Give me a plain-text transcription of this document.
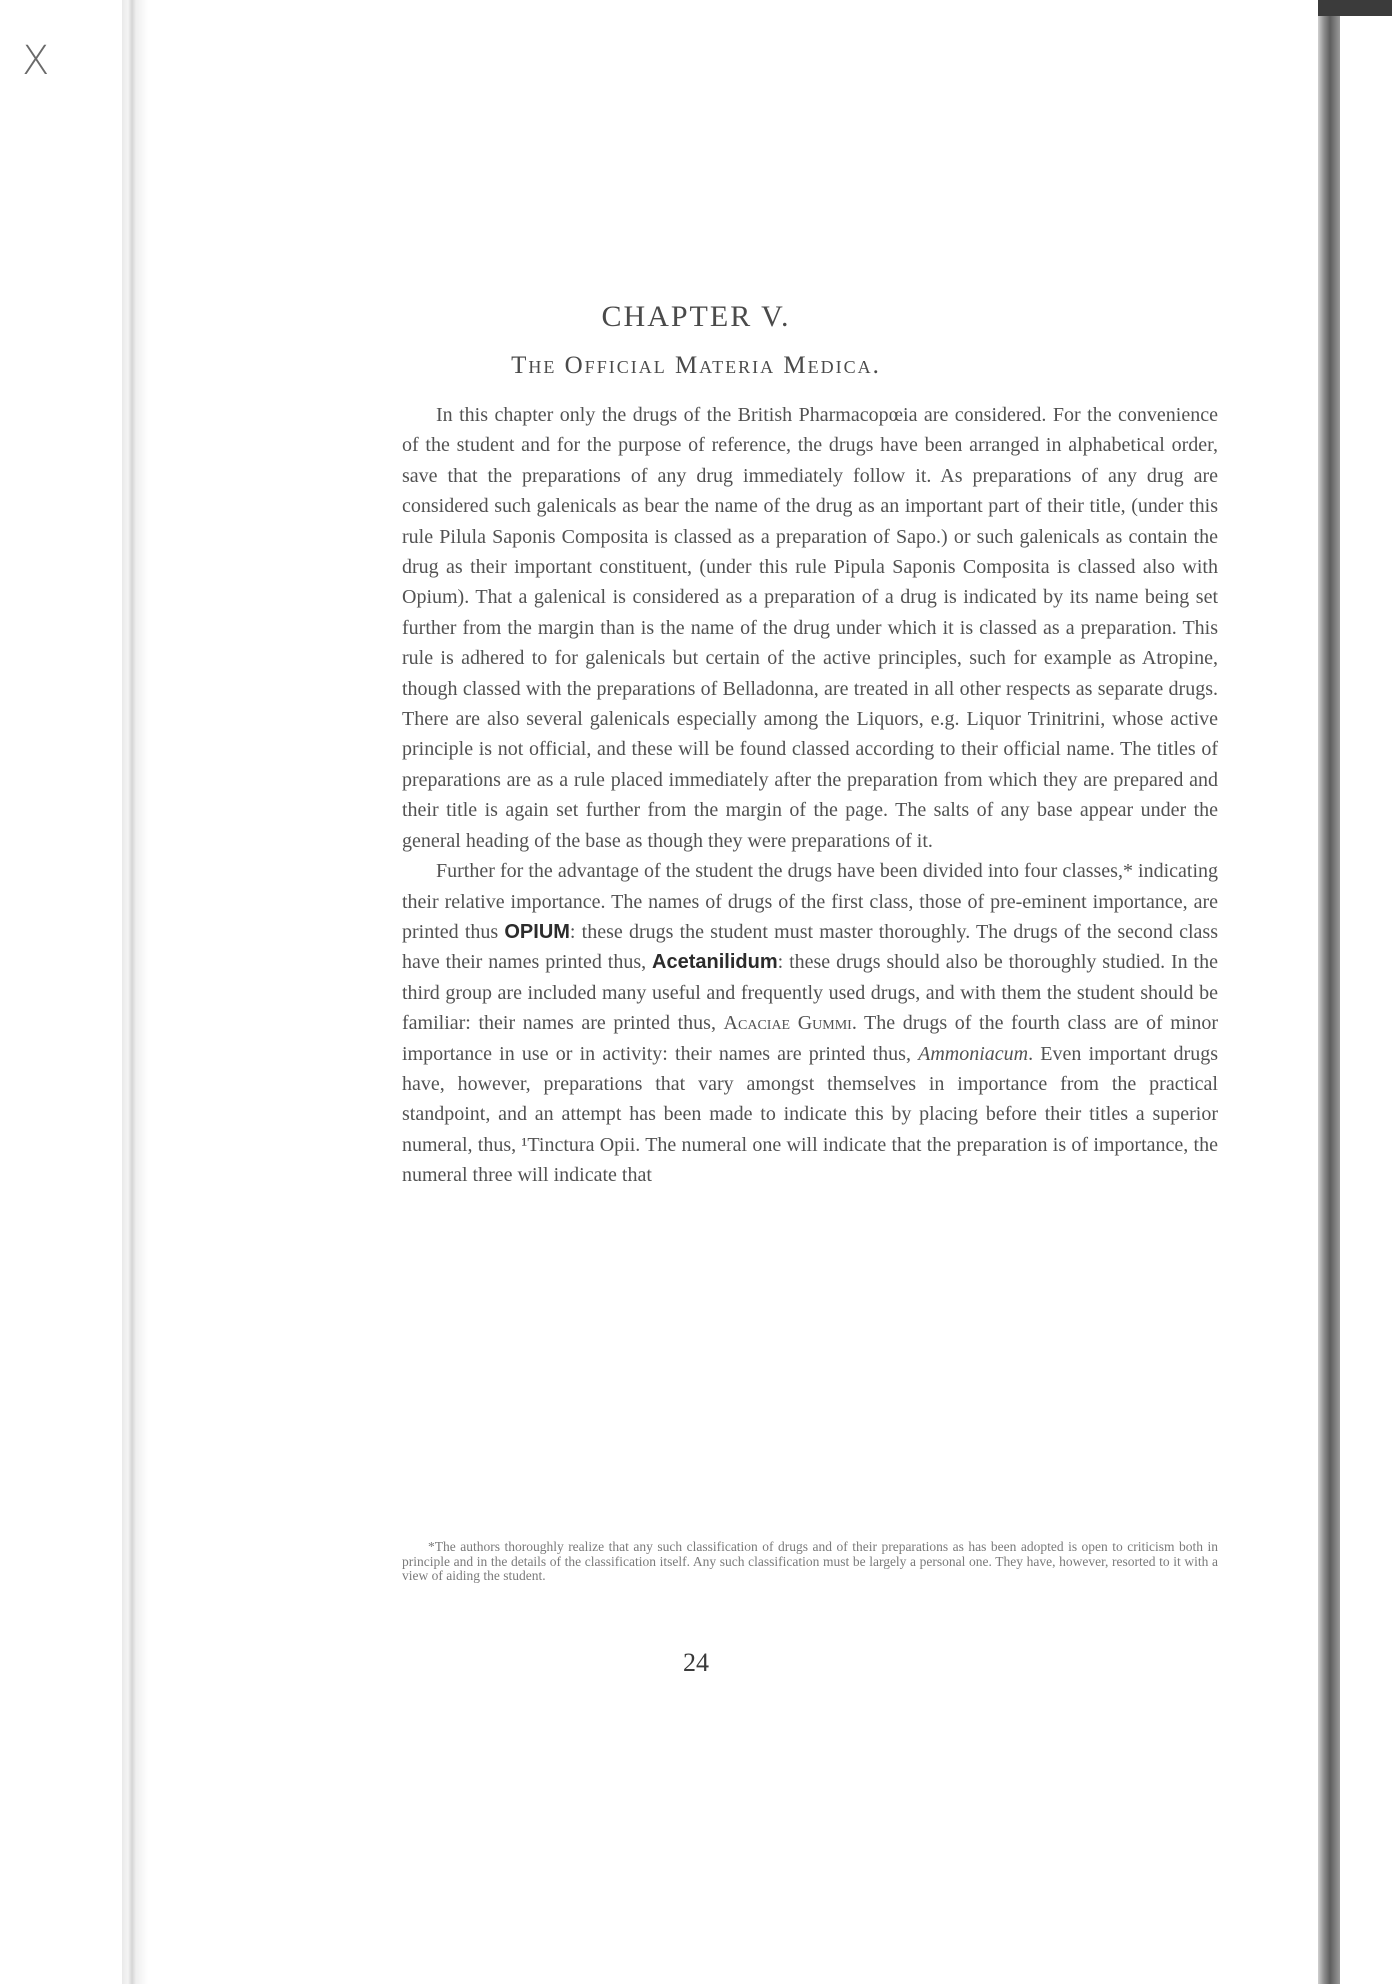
X
CHAPTER V.
The Official Materia Medica.

In this chapter only the drugs of the British Pharmacopœia are considered. For the convenience of the student and for the purpose of reference, the drugs have been arranged in alphabetical order, save that the preparations of any drug immediately follow it. As preparations of any drug are considered such galenicals as bear the name of the drug as an important part of their title, (under this rule Pilula Saponis Composita is classed as a preparation of Sapo.) or such galenicals as contain the drug as their important constituent, (under this rule Pipula Saponis Composita is classed also with Opium). That a galenical is considered as a preparation of a drug is indicated by its name being set further from the margin than is the name of the drug under which it is classed as a preparation. This rule is adhered to for galenicals but certain of the active principles, such for example as Atropine, though classed with the preparations of Belladonna, are treated in all other respects as separate drugs. There are also several galenicals especially among the Liquors, e.g. Liquor Trinitrini, whose active principle is not official, and these will be found classed according to their official name. The titles of preparations are as a rule placed immediately after the preparation from which they are prepared and their title is again set further from the margin of the page. The salts of any base appear under the general heading of the base as though they were preparations of it.

Further for the advantage of the student the drugs have been divided into four classes,* indicating their relative importance. The names of drugs of the first class, those of pre-eminent importance, are printed thus OPIUM: these drugs the student must master thoroughly. The drugs of the second class have their names printed thus, Acetanilidum: these drugs should also be thoroughly studied. In the third group are included many useful and frequently used drugs, and with them the student should be familiar: their names are printed thus, Acaciae Gummi. The drugs of the fourth class are of minor importance in use or in activity: their names are printed thus, Ammoniacum. Even important drugs have, however, preparations that vary amongst themselves in importance from the practical standpoint, and an attempt has been made to indicate this by placing before their titles a superior numeral, thus, ¹Tinctura Opii. The numeral one will indicate that the preparation is of importance, the numeral three will indicate that

*The authors thoroughly realize that any such classification of drugs and of their preparations as has been adopted is open to criticism both in principle and in the details of the classification itself. Any such classification must be largely a personal one. They have, however, resorted to it with a view of aiding the student.
24
